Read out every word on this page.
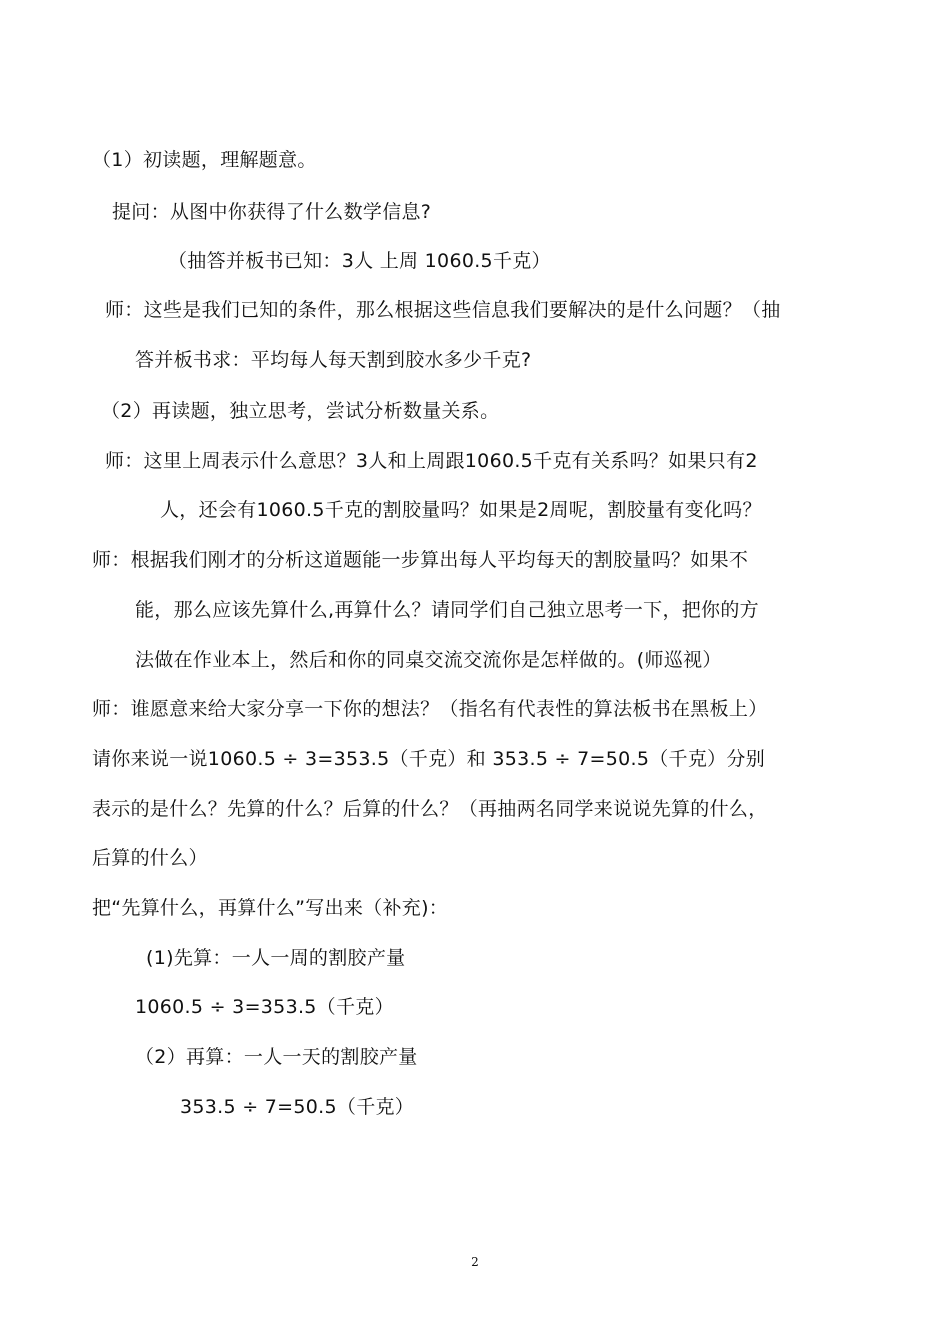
（1）初读题，理解题意。
提问：从图中你获得了什么数学信息?
（抽答并板书已知：3人 上周 1060.5千克）
师：这些是我们已知的条件，那么根据这些信息我们要解决的是什么问题？（抽
答并板书求：平均每人每天割到胶水多少千克?
（2）再读题，独立思考，尝试分析数量关系。
师：这里上周表示什么意思？3人和上周跟1060.5千克有关系吗？如果只有2
人，还会有1060.5千克的割胶量吗？如果是2周呢，割胶量有变化吗？
师：根据我们刚才的分析这道题能一步算出每人平均每天的割胶量吗？如果不
能，那么应该先算什么,再算什么？请同学们自己独立思考一下，把你的方
法做在作业本上，然后和你的同桌交流交流你是怎样做的。(师巡视）
师：谁愿意来给大家分享一下你的想法？（指名有代表性的算法板书在黑板上）
请你来说一说1060.5 ÷ 3=353.5（千克）和 353.5 ÷ 7=50.5（千克）分别
表示的是什么？先算的什么？后算的什么？（再抽两名同学来说说先算的什么，
后算的什么）
把“先算什么，再算什么”写出来（补充)：
(1)先算：一人一周的割胶产量
1060.5 ÷ 3=353.5（千克）
（2）再算：一人一天的割胶产量
353.5 ÷ 7=50.5（千克）
2
